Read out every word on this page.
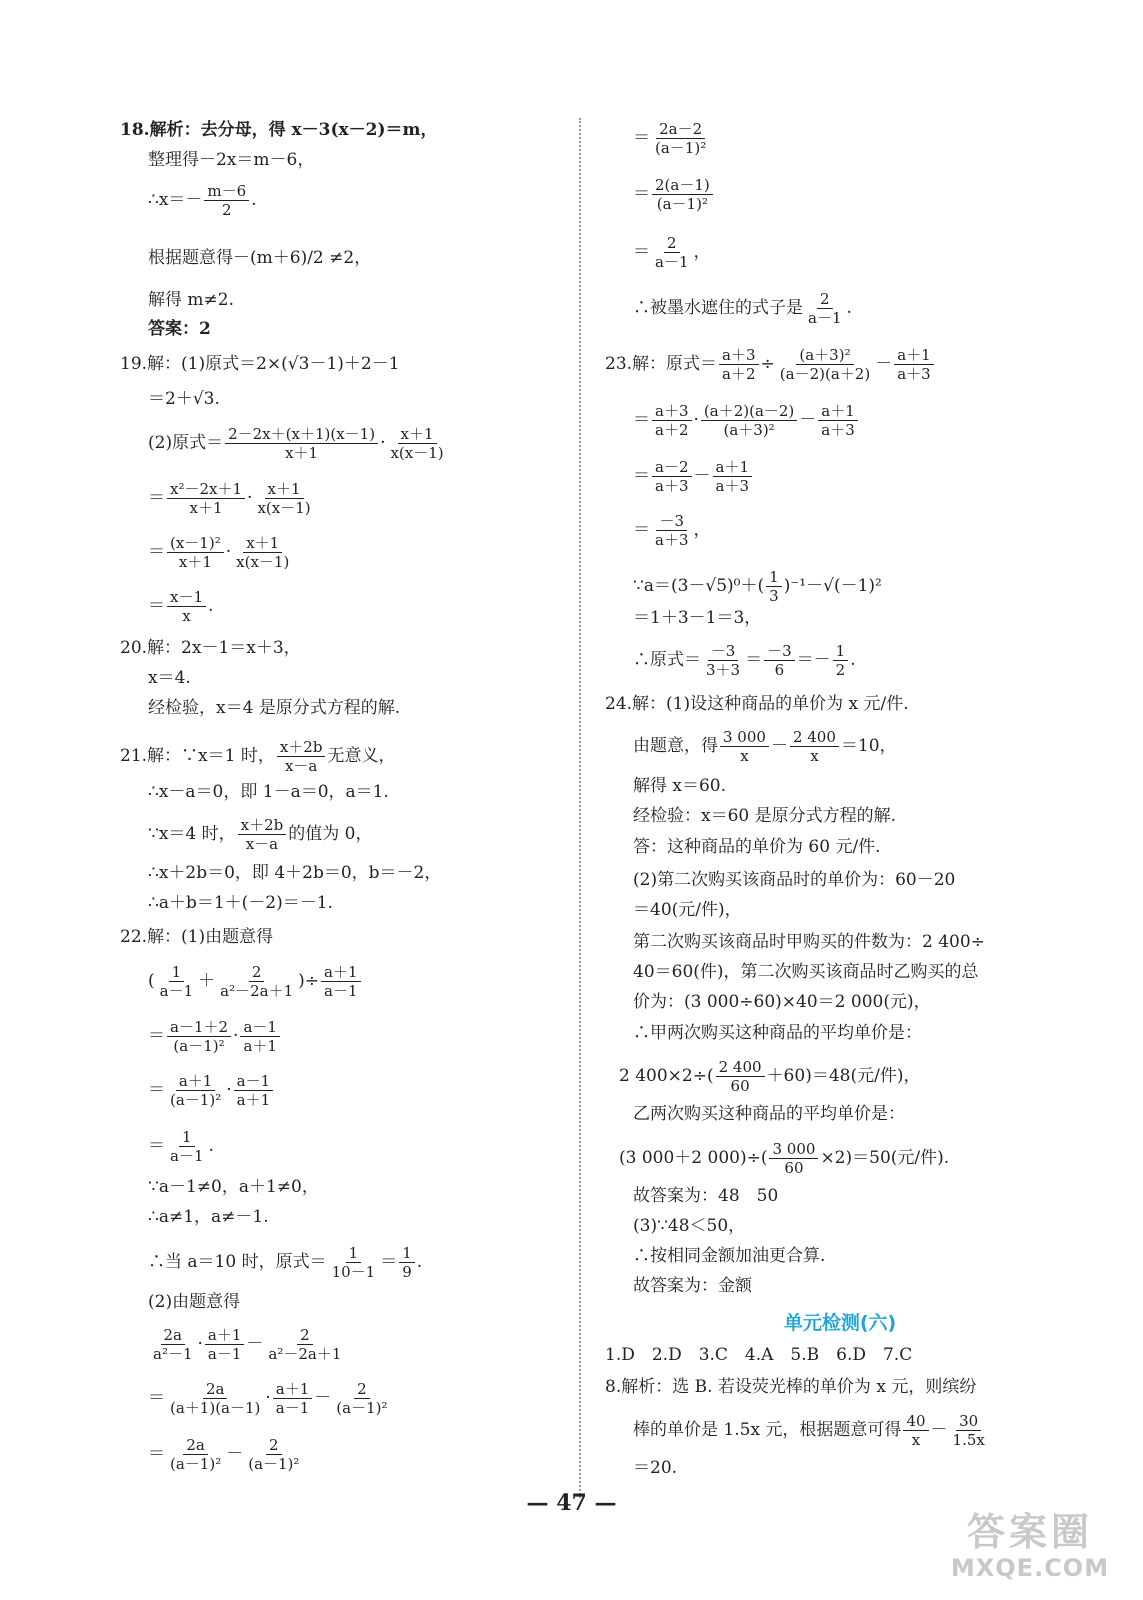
18.解析：去分母，得 x－3(x－2)＝m，
整理得－2x＝m－6，
∴x＝－ $\frac{m-6}{2}$ .
根据题意得－(m＋6)/2 ≠2，
解得 m≠2.
答案：2
19.解：(1)原式＝2×(√3－1)＋2－1
＝2＋√3.
(2)原式＝ $\frac{2-2x+(x+1)(x-1)}{x+1} \cdot \frac{x+1}{x(x-1)}$
＝ $\frac{\text{x²－2x＋1}}{x+1} \cdot \frac{x+1}{x(x-1)}$
＝ $\frac{\text{(x－1)²}}{x+1} \cdot \frac{x+1}{x(x-1)}$
＝ $\frac{x-1}{x}$ .
20.解：2x－1＝x＋3，
x＝4.
经检验，x＝4 是原分式方程的解.
21.解：∵x＝1 时， $\frac{x+2b}{x-a}$ 无意义，
∴x－a＝0，即 1－a＝0，a＝1.
∵x＝4 时， $\frac{x+2b}{x-a}$ 的值为 0，
∴x＋2b＝0，即 4＋2b＝0，b＝－2，
∴a＋b＝1＋(－2)＝－1.
22.解：(1)由题意得
( $\frac{1}{a-1} + \frac{2}{\text{a²－2a＋1}}$ )÷ $\frac{a+1}{a-1}$
＝ $\frac{a-1+2}{\text{(a－1)²}} \cdot \frac{a-1}{a+1}$
＝ $\frac{a+1}{\text{(a－1)²}} \cdot \frac{a-1}{a+1}$
＝ $\frac{1}{a-1}$ .
∵a－1≠0，a＋1≠0，
∴a≠1，a≠－1.
∴当 a＝10 时，原式＝ $\frac{1}{10-1} = \frac{1}{9}$ .
(2)由题意得
$\frac{2a}{\text{a²－1}} \cdot \frac{a+1}{a-1} - \frac{2}{\text{a²－2a＋1}}$
＝ $\frac{2a}{(a+1)(a-1)} \cdot \frac{a+1}{a-1} - \frac{2}{\text{(a－1)²}}$
＝ $\frac{2a}{\text{(a－1)²}} - \frac{2}{\text{(a－1)²}}$
＝ $\frac{2a-2}{\text{(a－1)²}}$
＝ $\frac{2(a-1)}{\text{(a－1)²}}$
＝ $\frac{2}{a-1}$ ，
∴被墨水遮住的式子是 $\frac{2}{a-1}$ .
23.解：原式＝ $\frac{a+3}{a+2} \div \frac{\text{(a＋3)²}}{(a-2)(a+2)} - \frac{a+1}{a+3}$
＝ $\frac{a+3}{a+2} \cdot \frac{(a+2)(a-2)}{\text{(a＋3)²}} - \frac{a+1}{a+3}$
＝ $\frac{a-2}{a+3} - \frac{a+1}{a+3}$
＝ $\frac{-3}{a+3}$ ，
∵a＝(3－√5)⁰＋( $\frac{1}{3} )^{-1}-√(-1)^2$
＝1＋3－1＝3，
∴原式＝ $\frac{-3}{3+3} = \frac{-3}{6} =- \frac{1}{2}$ .
24.解：(1)设这种商品的单价为 x 元/件.
由题意，得 $\frac{3 000}{x} - \frac{2 400}{x} =10$，
解得 x＝60.
经检验：x＝60 是原分式方程的解.
答：这种商品的单价为 60 元/件.
(2)第二次购买该商品时的单价为：60－20
＝40(元/件)，
第二次购买该商品时甲购买的件数为：2 400÷
40＝60(件)，第二次购买该商品时乙购买的总
价为：(3 000÷60)×40＝2 000(元)，
∴甲两次购买这种商品的平均单价是：
2 $400\times 2\div( \frac{2 400}{60} +60)=48$(元/件)，
乙两次购买这种商品的平均单价是：
(3 000＋2 $000)\div( \frac{3 000}{60} \times 2)=50$(元/件).
故答案为：48　50
(3)∵48＜50，
∴按相同金额加油更合算.
故答案为：金额
单元检测(六)
1.D　2.D　3.C　4.A　5.B　6.D　7.C
8.解析：选 B. 若设荧光棒的单价为 x 元，则缤纷
棒的单价是 1.5x 元，根据题意可得 $\frac{40}{x} - \frac{30}{1.5x}$
＝20.
— 47 —
答案圈
MXQE.COM
